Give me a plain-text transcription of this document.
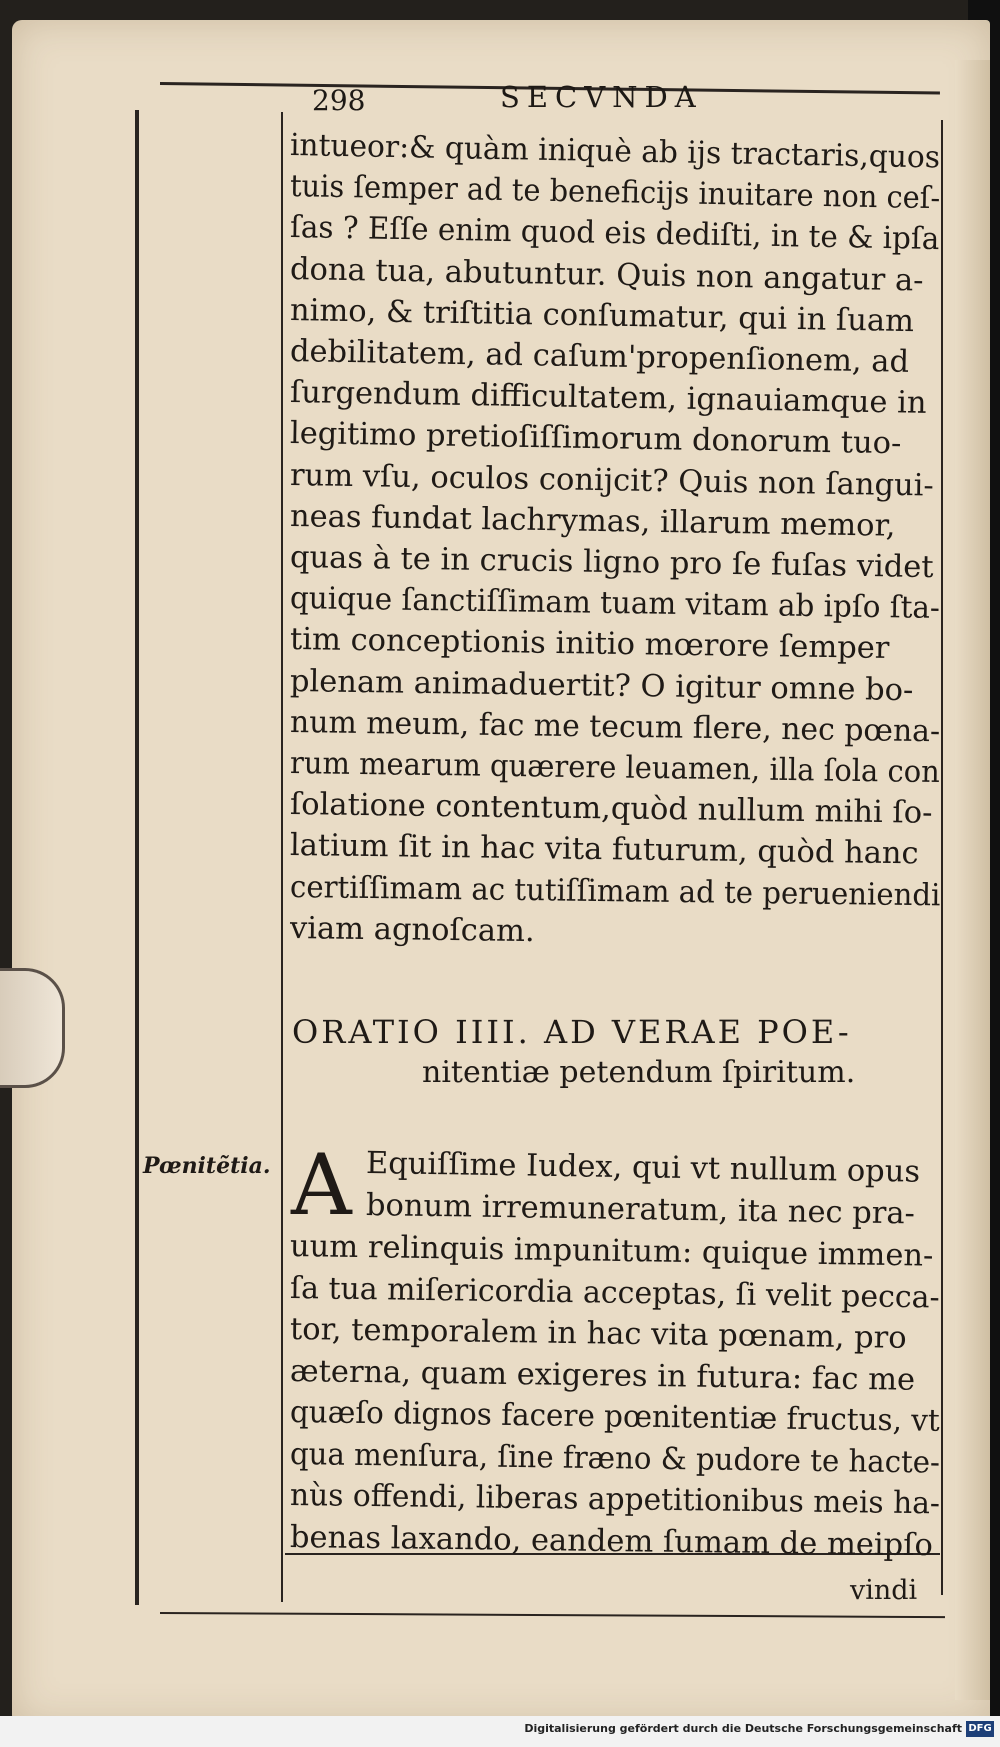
298	SECVNDA
intueor:& quàm iniquè ab ijs tractaris,quos
tuis ſemper ad te beneficijs inuitare non ceſ-
ſas ? Eſſe enim quod eis dediſti, in te & ipſa
dona tua, abutuntur. Quis non angatur a-
nimo, & triſtitia conſumatur, qui in ſuam
debilitatem, ad caſum'propenſionem, ad
ſurgendum difficultatem, ignauiamque in
legitimo pretioſiſſimorum donorum tuo-
rum vſu, oculos conijcit? Quis non ſangui-
neas fundat lachrymas, illarum memor,
quas à te in crucis ligno pro ſe fuſas videt
quique ſanctiſſimam tuam vitam ab ipſo ſta-
tim conceptionis initio mœrore ſemper
plenam animaduertit? O igitur omne bo-
num meum, fac me tecum flere, nec pœna-
rum mearum quærere leuamen, illa ſola con
ſolatione contentum,quòd nullum mihi ſo-
latium ſit in hac vita futurum, quòd hanc
certiſſimam ac tutiſſimam ad te perueniendi
viam agnoſcam.
ORATIO IIII. AD VERAE POE-
nitentiæ petendum ſpiritum.
Pœnitẽtia. A Equiſſime Iudex, qui vt nullum opus
bonum irremuneratum, ita nec pra-
uum relinquis impunitum: quique immen-
ſa tua miſericordia acceptas, ſi velit pecca-
tor, temporalem in hac vita pœnam, pro
æterna, quam exigeres in futura: fac me
quæſo dignos facere pœnitentiæ fructus, vt
qua menſura, ſine fræno & pudore te hacte-
nùs offendi, liberas appetitionibus meis ha-
benas laxando, eandem ſumam de meipſo
vindi
Digitalisierung gefördert durch die Deutsche Forschungsgemeinschaft DFG
